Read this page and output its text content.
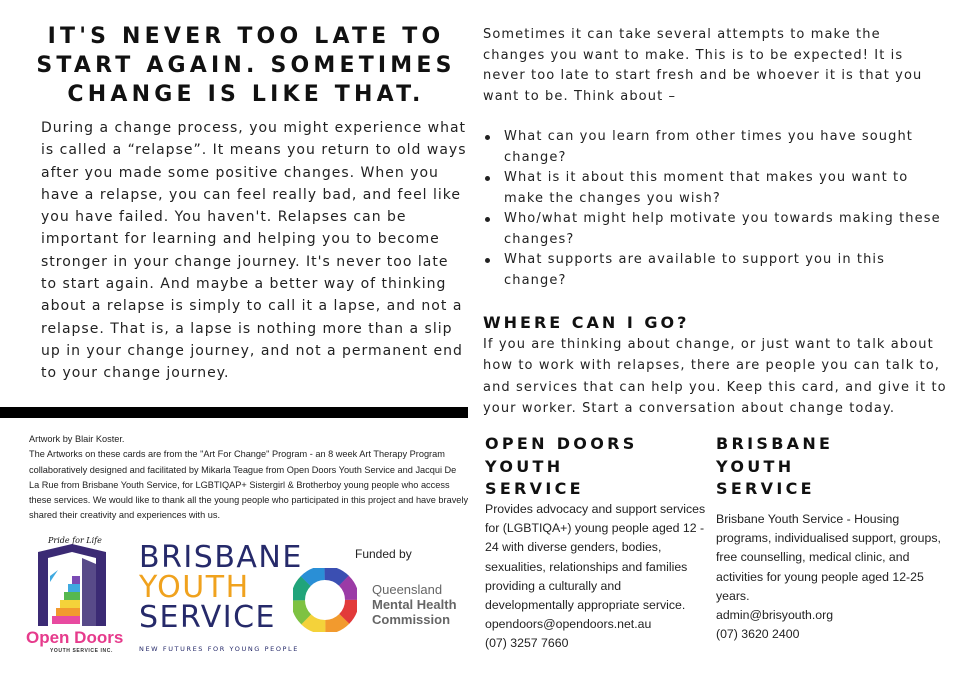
IT'S NEVER TOO LATE TO START AGAIN. SOMETIMES CHANGE IS LIKE THAT.
During a change process, you might experience what is called a “relapse”. It means you return to old ways after you made some positive changes. When you have a relapse, you can feel really bad, and feel like you have failed. You haven't. Relapses can be important for learning and helping you to become stronger in your change journey. It's never too late to start again. And maybe a better way of thinking about a relapse is simply to call it a lapse, and not a relapse. That is, a lapse is nothing more than a slip up in your change journey, and not a permanent end to your change journey.
Sometimes it can take several attempts to make the changes you want to make. This is to be expected! It is never too late to start fresh and be whoever it is that you want to be. Think about –
What can you learn from other times you have sought change?
What is it about this moment that makes you want to make the changes you wish?
Who/what might help motivate you towards making these changes?
What supports are available to support you in this change?
WHERE CAN I GO?
If you are thinking about change, or just want to talk about how to work with relapses, there are people you can talk to, and services that can help you. Keep this card, and give it to your worker. Start a conversation about change today.
Artwork by Blair Koster.
The Artworks on these cards are from the "Art For Change" Program - an 8 week Art Therapy Program collaboratively designed and facilitated by Mikarla Teague from Open Doors Youth Service and Jacqui De La Rue from Brisbane Youth Service, for LGBTIQAP+ Sistergirl & Brotherboy young people who access these services. We would like to thank all the young people who participated in this project and have bravely shared their creativity and experiences with us.
OPEN DOORS
YOUTH
SERVICE
Provides advocacy and support services for (LGBTIQA+) young people aged 12 - 24 with diverse genders, bodies, sexualities, relationships and families providing a culturally and developmentally appropriate service.
opendoors@opendoors.net.au
(07) 3257 7660
BRISBANE
YOUTH
SERVICE
Brisbane Youth Service - Housing programs, individualised support, groups, free counselling, medical clinic, and activities for young people aged 12-25 years.
admin@brisyouth.org
(07) 3620 2400
Pride for Life
Open Doors
YOUTH SERVICE INC.
BRISBANE
YOUTH
SERVICE
NEW FUTURES FOR YOUNG PEOPLE
Funded by
Queensland
Mental Health
Commission
